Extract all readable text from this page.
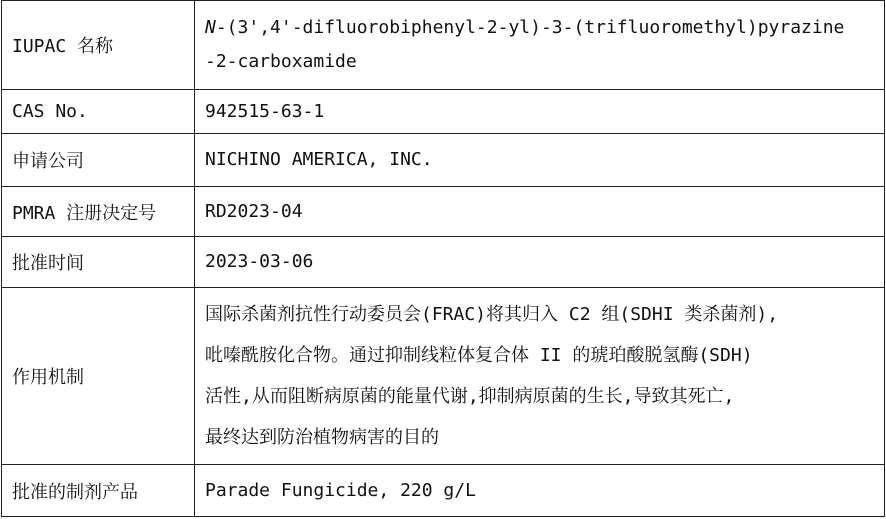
IUPAC 名称	N-(3',4'-difluorobiphenyl-2-yl)-3-(trifluoromethyl)pyrazine
-2-carboxamide
CAS No.	942515-63-1
申请公司	NICHINO AMERICA, INC.
PMRA 注册决定号	RD2023-04
批准时间	2023-03-06
作用机制	国际杀菌剂抗性行动委员会(FRAC)将其归入 C2 组(SDHI 类杀菌剂),
吡嗪酰胺化合物。通过抑制线粒体复合体 II 的琥珀酸脱氢酶(SDH)
活性,从而阻断病原菌的能量代谢,抑制病原菌的生长,导致其死亡,
最终达到防治植物病害的目的
批准的制剂产品	Parade Fungicide, 220 g/L
